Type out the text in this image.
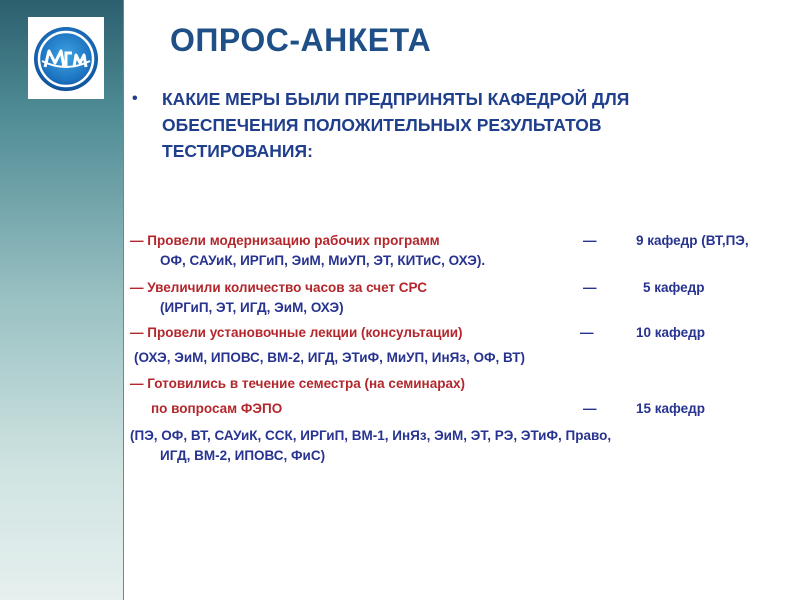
ОПРОС-АНКЕТА
• КАКИЕ МЕРЫ БЫЛИ ПРЕДПРИНЯТЫ КАФЕДРОЙ ДЛЯ
ОБЕСПЕЧЕНИЯ ПОЛОЖИТЕЛЬНЫХ РЕЗУЛЬТАТОВ
ТЕСТИРОВАНИЯ:
— Провели модернизацию рабочих программ	—	9 кафедр (ВТ,ПЭ,
ОФ, САУиК, ИРГиП, ЭиМ, МиУП, ЭТ, КИТиС, ОХЭ).
— Увеличили количество часов за счет СРС	—	5 кафедр
(ИРГиП, ЭТ, ИГД, ЭиМ, ОХЭ)
— Провели установочные лекции (консультации)	—	10 кафедр
(ОХЭ, ЭиМ, ИПОВС, ВМ-2, ИГД, ЭТиФ, МиУП, ИнЯз, ОФ, ВТ)
— Готовились в течение семестра (на семинарах)
по вопросам ФЭПО	—	15 кафедр
(ПЭ, ОФ, ВТ, САУиК, ССК, ИРГиП, ВМ-1, ИнЯз, ЭиМ, ЭТ, РЭ, ЭТиФ, Право,
ИГД, ВМ-2, ИПОВС, ФиС)
